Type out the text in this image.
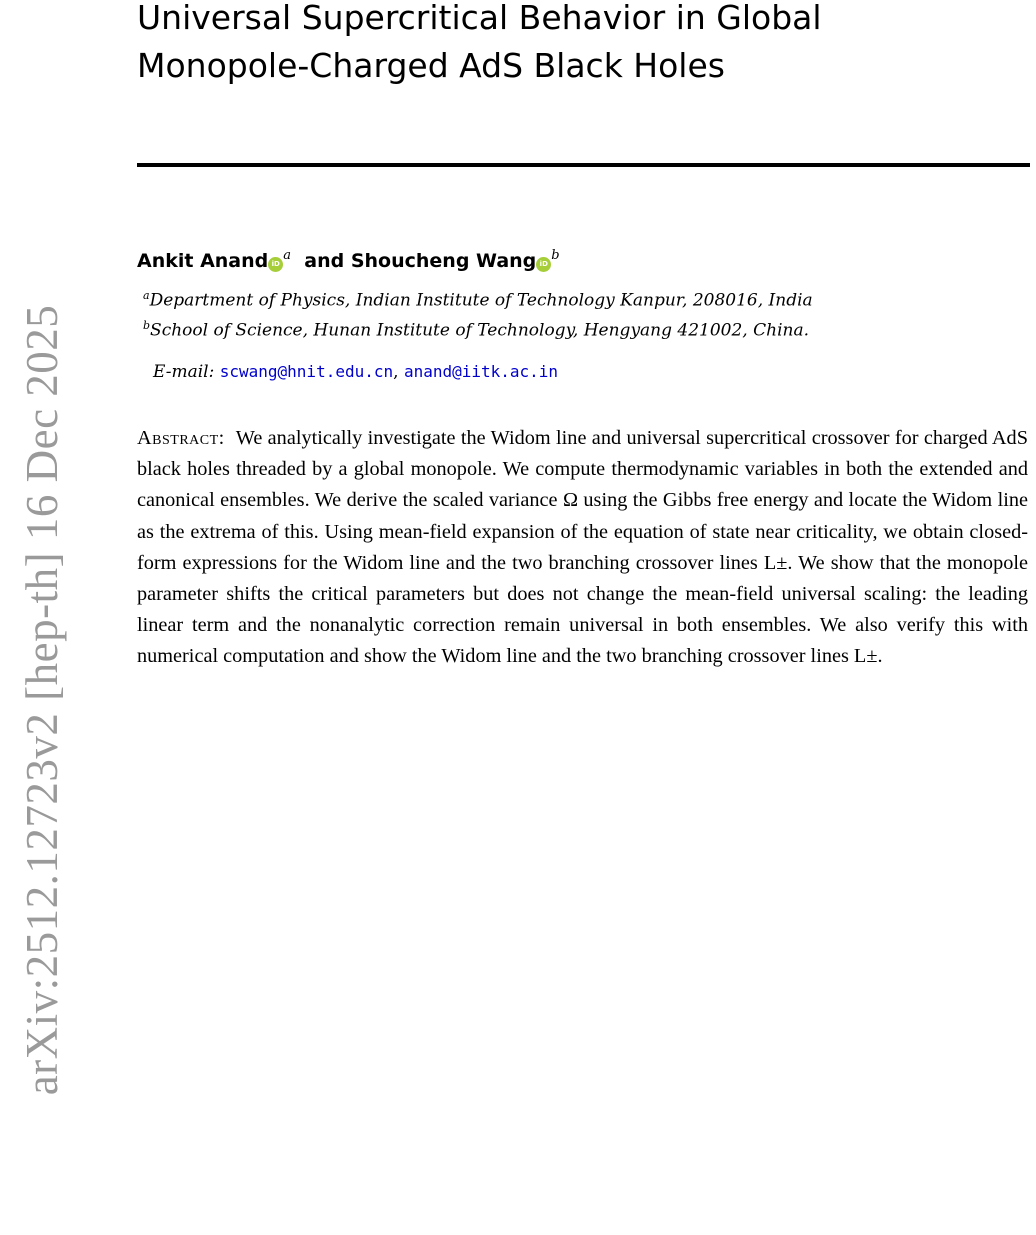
arXiv:2512.12723v2 [hep-th] 16 Dec 2025
Universal Supercritical Behavior in Global
Monopole-Charged AdS Black Holes
Ankit Anand iD$^a$ and Shoucheng Wang iD$^b$
$^a$Department of Physics, Indian Institute of Technology Kanpur, 208016, India
$^b$School of Science, Hunan Institute of Technology, Hengyang 421002, China.
E-mail: scwang@hnit.edu.cn, anand@iitk.ac.in

Abstract: We analytically investigate the Widom line and universal supercritical crossover for charged AdS black holes threaded by a global monopole. We compute thermodynamic variables in both the extended and canonical ensembles. We derive the scaled variance Ω using the Gibbs free energy and locate the Widom line as the extrema of this. Using mean-field expansion of the equation of state near criticality, we obtain closed-form expressions for the Widom line and the two branching crossover lines L±. We show that the monopole parameter shifts the critical parameters but does not change the mean-field universal scaling: the leading linear term and the nonanalytic correction remain universal in both ensembles. We also verify this with numerical computation and show the Widom line and the two branching crossover lines L±.
